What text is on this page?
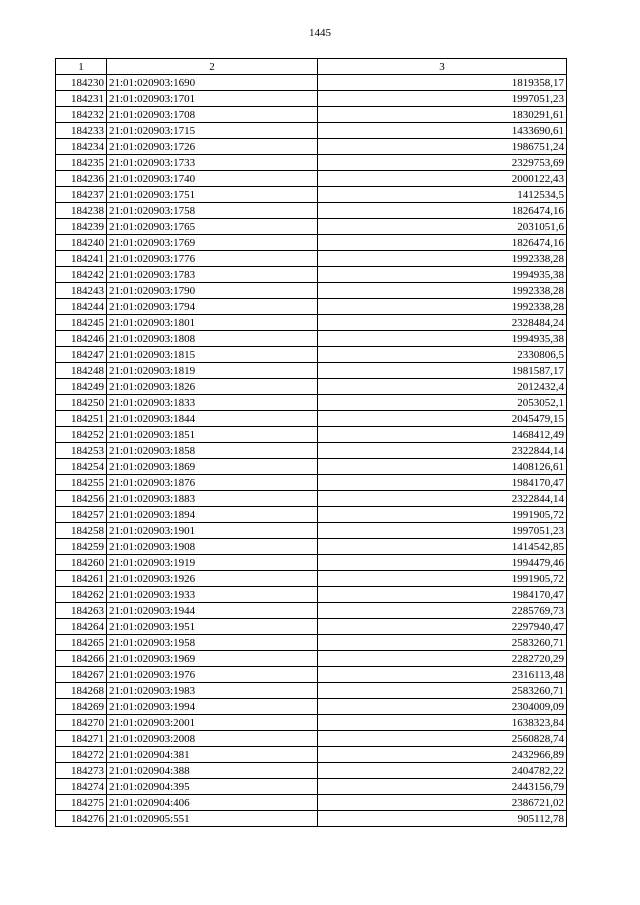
1445
1	2	3
184230	21:01:020903:1690	1819358,17
184231	21:01:020903:1701	1997051,23
184232	21:01:020903:1708	1830291,61
184233	21:01:020903:1715	1433690,61
184234	21:01:020903:1726	1986751,24
184235	21:01:020903:1733	2329753,69
184236	21:01:020903:1740	2000122,43
184237	21:01:020903:1751	1412534,5
184238	21:01:020903:1758	1826474,16
184239	21:01:020903:1765	2031051,6
184240	21:01:020903:1769	1826474,16
184241	21:01:020903:1776	1992338,28
184242	21:01:020903:1783	1994935,38
184243	21:01:020903:1790	1992338,28
184244	21:01:020903:1794	1992338,28
184245	21:01:020903:1801	2328484,24
184246	21:01:020903:1808	1994935,38
184247	21:01:020903:1815	2330806,5
184248	21:01:020903:1819	1981587,17
184249	21:01:020903:1826	2012432,4
184250	21:01:020903:1833	2053052,1
184251	21:01:020903:1844	2045479,15
184252	21:01:020903:1851	1468412,49
184253	21:01:020903:1858	2322844,14
184254	21:01:020903:1869	1408126,61
184255	21:01:020903:1876	1984170,47
184256	21:01:020903:1883	2322844,14
184257	21:01:020903:1894	1991905,72
184258	21:01:020903:1901	1997051,23
184259	21:01:020903:1908	1414542,85
184260	21:01:020903:1919	1994479,46
184261	21:01:020903:1926	1991905,72
184262	21:01:020903:1933	1984170,47
184263	21:01:020903:1944	2285769,73
184264	21:01:020903:1951	2297940,47
184265	21:01:020903:1958	2583260,71
184266	21:01:020903:1969	2282720,29
184267	21:01:020903:1976	2316113,48
184268	21:01:020903:1983	2583260,71
184269	21:01:020903:1994	2304009,09
184270	21:01:020903:2001	1638323,84
184271	21:01:020903:2008	2560828,74
184272	21:01:020904:381	2432966,89
184273	21:01:020904:388	2404782,22
184274	21:01:020904:395	2443156,79
184275	21:01:020904:406	2386721,02
184276	21:01:020905:551	905112,78
